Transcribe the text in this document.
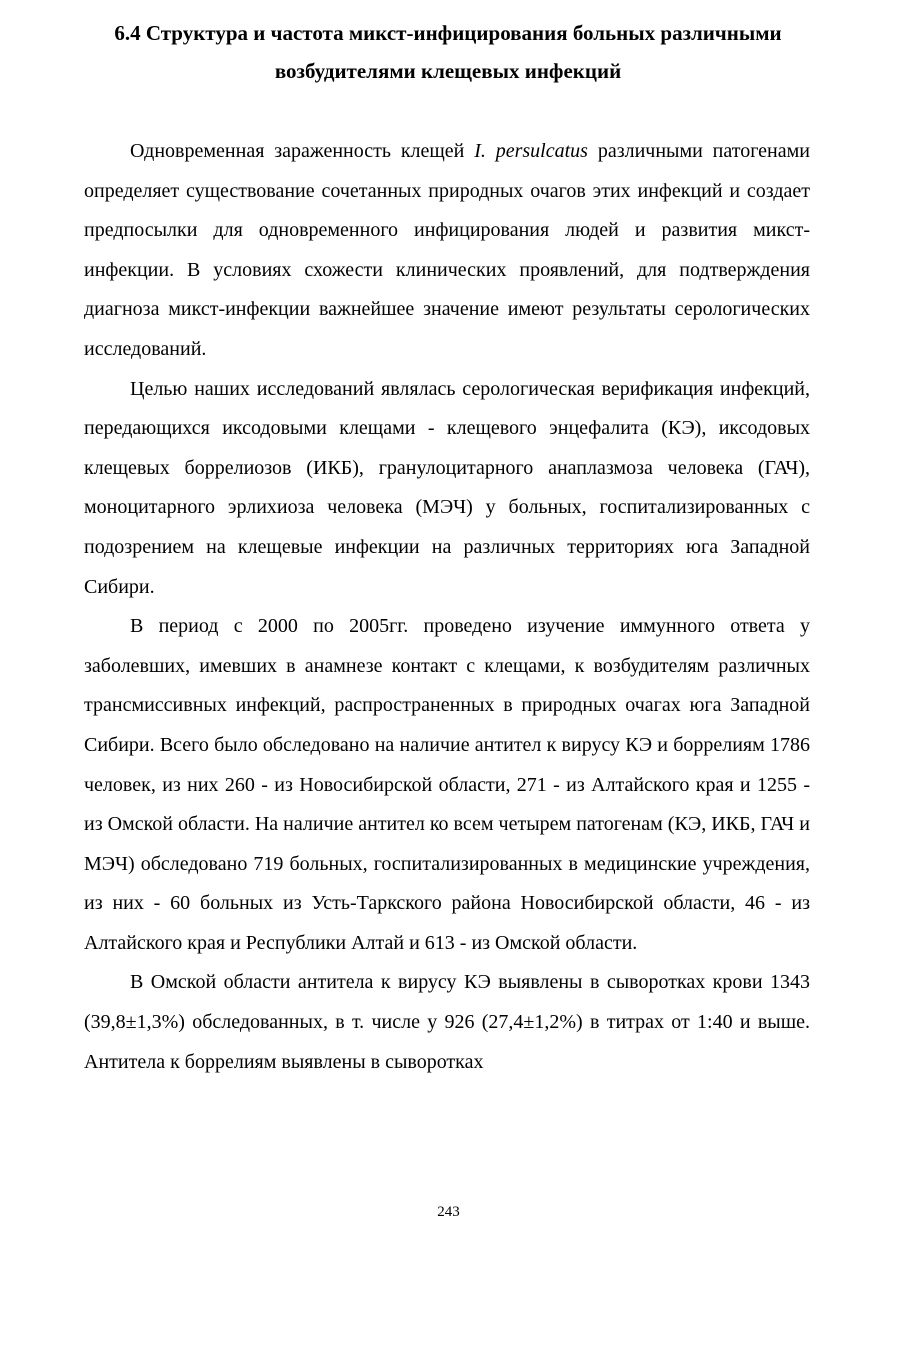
6.4 Структура и частота микст-инфицирования больных различными
возбудителями клещевых инфекций

Одновременная зараженность клещей I. persulcatus различными патогенами определяет существование сочетанных природных очагов этих инфекций и создает предпосылки для одновременного инфицирования людей и развития микст-инфекции. В условиях схожести клинических проявлений, для подтверждения диагноза микст-инфекции важнейшее значение имеют результаты серологических исследований.

Целью наших исследований являлась серологическая верификация инфекций, передающихся иксодовыми клещами - клещевого энцефалита (КЭ), иксодовых клещевых боррелиозов (ИКБ), гранулоцитарного анаплазмоза человека (ГАЧ), моноцитарного эрлихиоза человека (МЭЧ) у больных, госпитализированных с подозрением на клещевые инфекции на различных территориях юга Западной Сибири.

В период с 2000 по 2005гг. проведено изучение иммунного ответа у заболевших, имевших в анамнезе контакт с клещами, к возбудителям различных трансмиссивных инфекций, распространенных в природных очагах юга Западной Сибири. Всего было обследовано на наличие антител к вирусу КЭ и боррелиям 1786 человек, из них 260 - из Новосибирской области, 271 - из Алтайского края и 1255 - из Омской области. На наличие антител ко всем четырем патогенам (КЭ, ИКБ, ГАЧ и МЭЧ) обследовано 719 больных, госпитализированных в медицинские учреждения, из них - 60 больных из Усть-Таркского района Новосибирской области, 46 - из Алтайского края и Республики Алтай и 613 - из Омской области.

В Омской области антитела к вирусу КЭ выявлены в сыворотках крови 1343 (39,8±1,3%) обследованных, в т. числе у 926 (27,4±1,2%) в титрах от 1:40 и выше. Антитела к боррелиям выявлены в сыворотках

243
